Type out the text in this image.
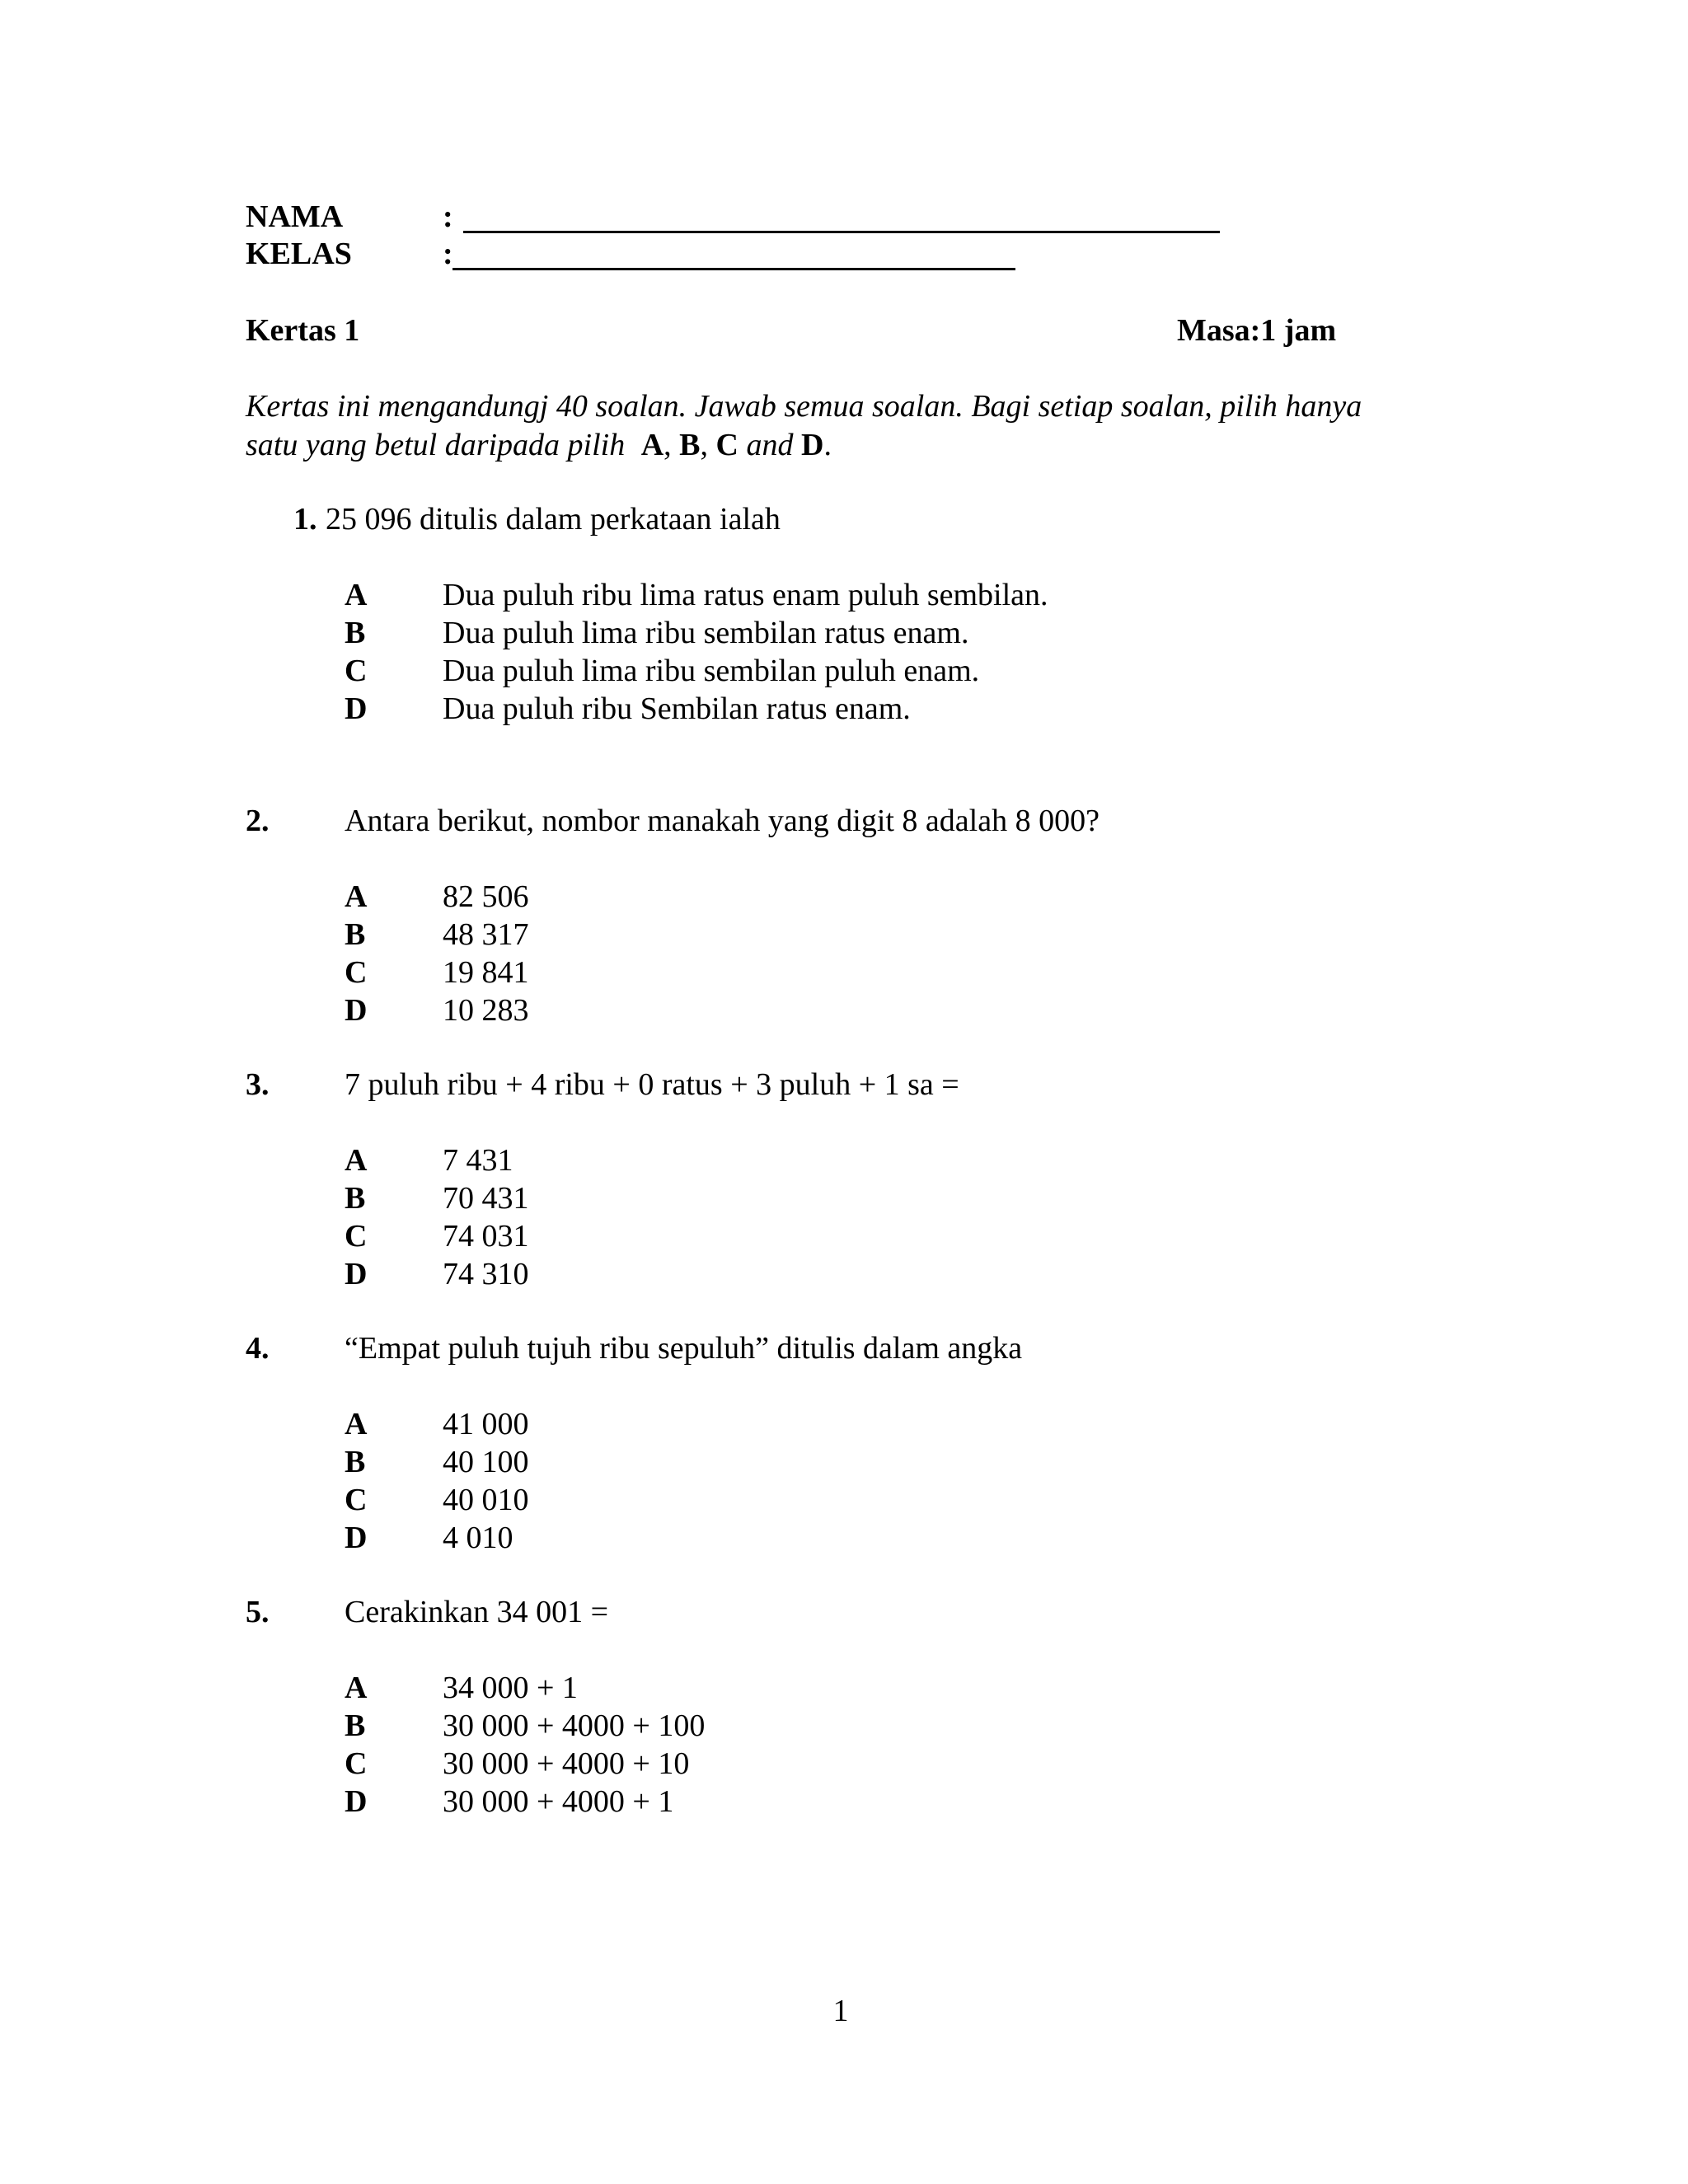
NAMA	:
KELAS	:
Kertas 1	Masa:1 jam
Kertas ini mengandungj 40 soalan. Jawab semua soalan. Bagi setiap soalan, pilih hanya
satu yang betul daripada pilih A, B, C and D.
1. 25 096 ditulis dalam perkataan ialah
A Dua puluh ribu lima ratus enam puluh sembilan.
B Dua puluh lima ribu sembilan ratus enam.
C Dua puluh lima ribu sembilan puluh enam.
D Dua puluh ribu Sembilan ratus enam.
2. Antara berikut, nombor manakah yang digit 8 adalah 8 000?
A 82 506
B 48 317
C 19 841
D 10 283
3. 7 puluh ribu + 4 ribu + 0 ratus + 3 puluh + 1 sa =
A 7 431
B 70 431
C 74 031
D 74 310
4. “Empat puluh tujuh ribu sepuluh” ditulis dalam angka
A 41 000
B 40 100
C 40 010
D 4 010
5. Cerakinkan 34 001 =
A 34 000 + 1
B 30 000 + 4000 + 100
C 30 000 + 4000 + 10
D 30 000 + 4000 + 1
1
